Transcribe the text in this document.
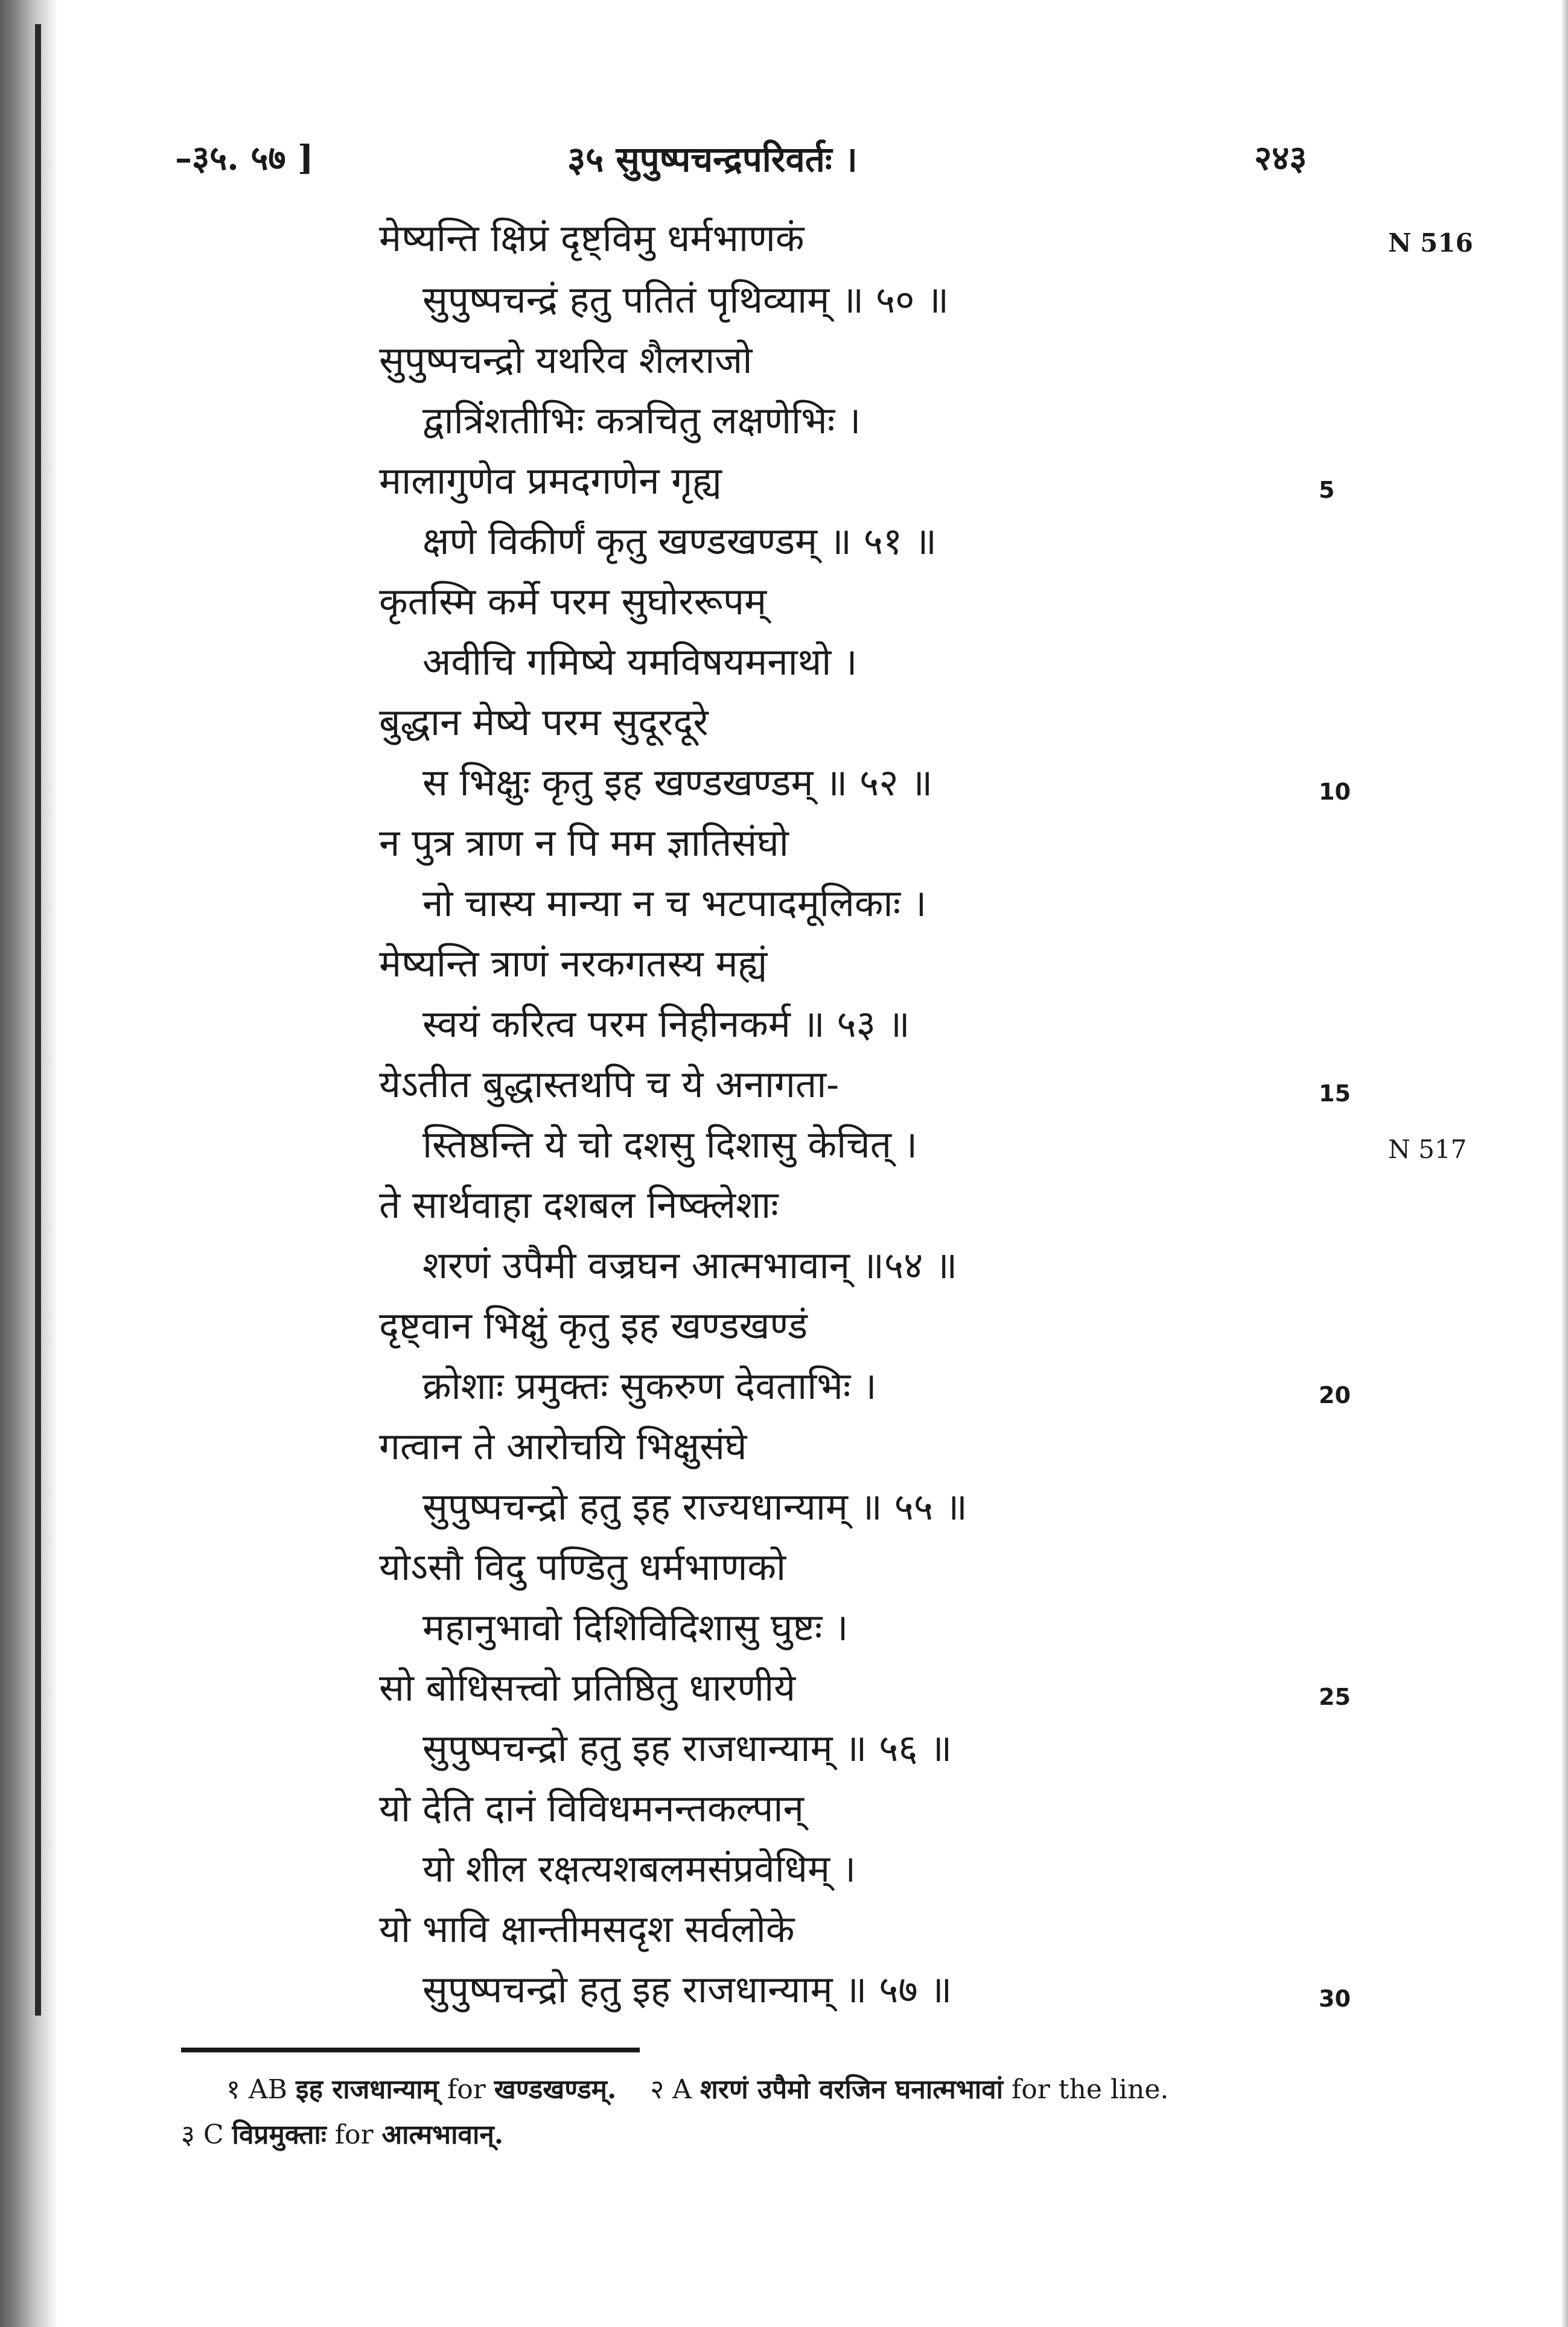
–३५. ५७ ]	३५ सुपुष्पचन्द्रपरिवर्तः ।	२४३
मेष्यन्ति क्षिप्रं दृष्ट्विमु धर्मभाणकं
सुपुष्पचन्द्रं हतु पतितं पृथिव्याम् ॥ ५० ॥
सुपुष्पचन्द्रो यथरिव शैलराजो
द्वात्रिंशतीभिः कत्रचितु लक्षणेभिः ।
मालागुणेव प्रमदगणेन गृह्य
क्षणे विकीर्णं कृतु खण्डखण्डम् ॥ ५१ ॥
कृतस्मि कर्मे परम सुघोररूपम्
अवीचि गमिष्ये यमविषयमनाथो ।
बुद्धान मेष्ये परम सुदूरदूरे
स भिक्षुः कृतु इह खण्डखण्डम् ॥ ५२ ॥
न पुत्र त्राण न पि मम ज्ञातिसंघो
नो चास्य मान्या न च भटपादमूलिकाः ।
मेष्यन्ति त्राणं नरकगतस्य मह्यं
स्वयं करित्व परम निहीनकर्म ॥ ५३ ॥
येऽतीत बुद्धास्तथपि च ये अनागता-
स्तिष्ठन्ति ये चो दशसु दिशासु केचित् ।
ते सार्थवाहा दशबल निष्क्लेशाः
शरणं उपैमी वज्रघन आत्मभावान् ॥५४ ॥
दृष्ट्वान भिक्षुं कृतु इह खण्डखण्डं
क्रोशाः प्रमुक्तः सुकरुण देवताभिः ।
गत्वान ते आरोचयि भिक्षुसंघे
सुपुष्पचन्द्रो हतु इह राज्यधान्याम् ॥ ५५ ॥
योऽसौ विदु पण्डितु धर्मभाणको
महानुभावो दिशिविदिशासु घुष्टः ।
सो बोधिसत्त्वो प्रतिष्ठितु धारणीये
सुपुष्पचन्द्रो हतु इह राजधान्याम् ॥ ५६ ॥
यो देति दानं विविधमनन्तकल्पान्
यो शील रक्षत्यशबलमसंप्रवेधिम् ।
यो भावि क्षान्तीमसदृश सर्वलोके
सुपुष्पचन्द्रो हतु इह राजधान्याम् ॥ ५७ ॥
5
10
15
20
25
30
N 516
N 517
१ AB इह राजधान्याम् for खण्डखण्डम्. २ A शरणं उपैमो वरजिन घनात्मभावां for the line.
३ C विप्रमुक्ताः for आत्मभावान्.
